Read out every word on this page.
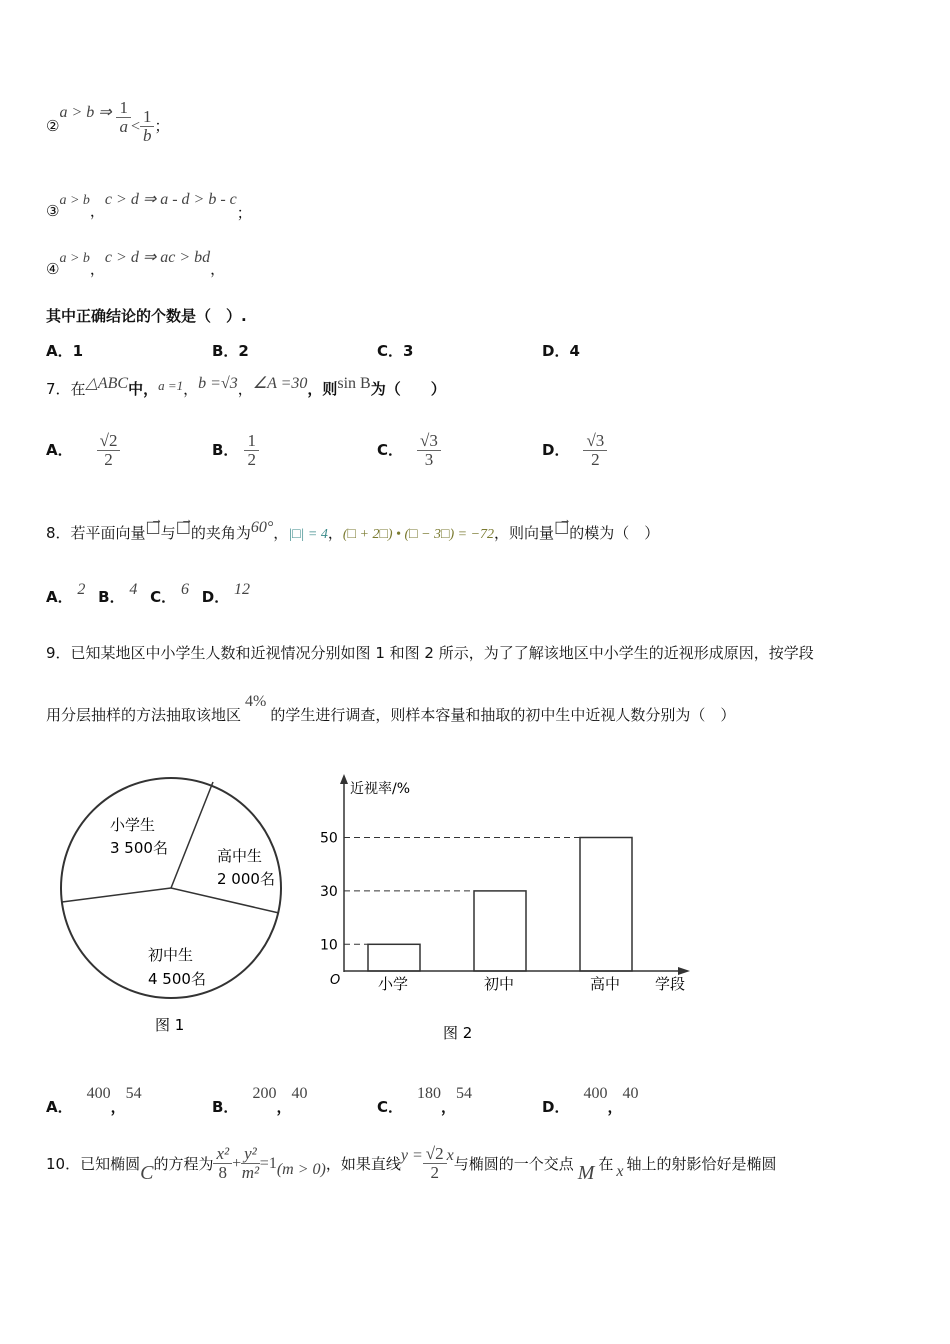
②a > b ⇒ $\frac{1}{a} < \frac{1}{b}$ ；
③a > b，c > d ⇒ a - d > b - c；
④a > b，c > d ⇒ ac > bd，
其中正确结论的个数是（　）.
A．1	B．2	C．3	D．4
7．在△ABC中，a =1，b =√3，∠A =30，则sin B为（　　）
A． $\frac{√2}{2}$	B． $\frac{1}{2}$	C． $\frac{√3}{3}$	D． $\frac{√3}{2}$
8．若平面向量□⃗与□⃗的夹角为60°，|□| = 4，(□ + 2□) • (□ − 3□) = −72，则向量□⃗的模为（　）
A． 2 B． 4 C． 6 D． 12
9．已知某地区中小学生人数和近视情况分别如图 1 和图 2 所示，为了了解该地区中小学生的近视形成原因，按学段
用分层抽样的方法抽取该地区4%的学生进行调查，则样本容量和抽取的初中生中近视人数分别为（　）
小学生
3 500名	高中生
2 000名
初中生
4 500名
图 1
近视率/%
学段
O
图 2
小学
10
初中
30
高中
50
A．400，54
B．200，40
C．180，54
D．400，40
10．已知椭圆 C 的方程为 $\frac{\text{x²}}{8} + \frac{\text{y²}}{\text{m²}} =1$ (m > 0) ，如果直线 $y = \frac{√2}{2}$ x 与椭圆的一个交点 M 在 x 轴上的射影恰好是椭圆
